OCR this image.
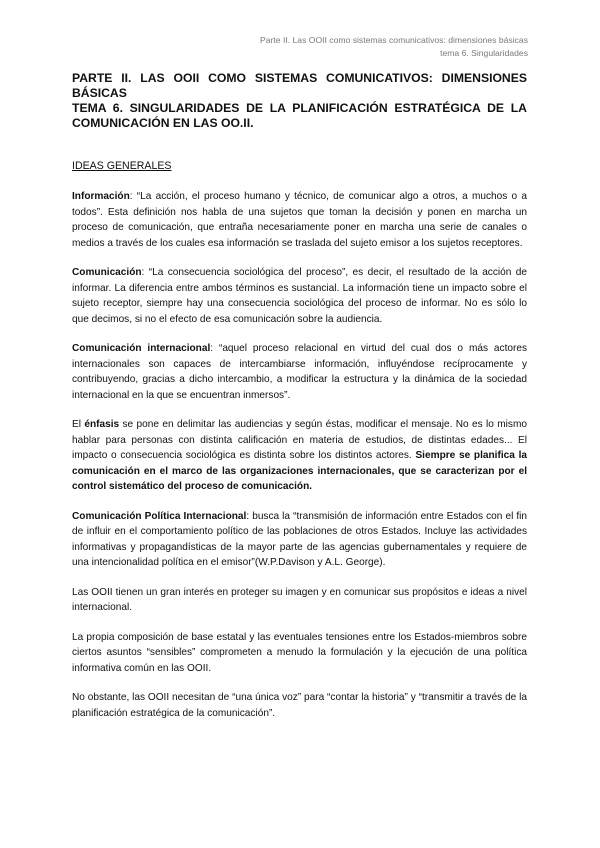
Parte II. Las OOII como sistemas comunicativos: dimensiones básicas
tema 6. Singularidades
PARTE II. LAS OOII COMO SISTEMAS COMUNICATIVOS: DIMENSIONES BÁSICAS
TEMA 6. SINGULARIDADES DE LA PLANIFICACIÓN ESTRATÉGICA DE LA COMUNICACIÓN EN LAS OO.II.
IDEAS GENERALES

Información: “La acción, el proceso humano y técnico, de comunicar algo a otros, a muchos o a todos”. Esta definición nos habla de una sujetos que toman la decisión y ponen en marcha un proceso de comunicación, que entraña necesariamente poner en marcha una serie de canales o medios a través de los cuales esa información se traslada del sujeto emisor a los sujetos receptores.

Comunicación: “La consecuencia sociológica del proceso”, es decir, el resultado de la acción de informar. La diferencia entre ambos términos es sustancial. La información tiene un impacto sobre el sujeto receptor, siempre hay una consecuencia sociológica del proceso de informar. No es sólo lo que decimos, si no el efecto de esa comunicación sobre la audiencia.

Comunicación internacional: “aquel proceso relacional en virtud del cual dos o más actores internacionales son capaces de intercambiarse información, influyéndose recíprocamente y contribuyendo, gracias a dicho intercambio, a modificar la estructura y la dinámica de la sociedad internacional en la que se encuentran inmersos”.

El énfasis se pone en delimitar las audiencias y según éstas, modificar el mensaje. No es lo mismo hablar para personas con distinta calificación en materia de estudios, de distintas edades... El impacto o consecuencia sociológica es distinta sobre los distintos actores. Siempre se planifica la comunicación en el marco de las organizaciones internacionales, que se caracterizan por el control sistemático del proceso de comunicación.

Comunicación Política Internacional: busca la “transmisión de información entre Estados con el fin de influir en el comportamiento político de las poblaciones de otros Estados. Incluye las actividades informativas y propagandísticas de la mayor parte de las agencias gubernamentales y requiere de una intencionalidad política en el emisor”(W.P.Davison y A.L. George).

Las OOII tienen un gran interés en proteger su imagen y en comunicar sus propósitos e ideas a nivel internacional.

La propia composición de base estatal y las eventuales tensiones entre los Estados-miembros sobre ciertos asuntos “sensibles” comprometen a menudo la formulación y la ejecución de una política informativa común en las OOII.

No obstante, las OOII necesitan de “una única voz” para “contar la historia” y “transmitir a través de la planificación estratégica de la comunicación”.
